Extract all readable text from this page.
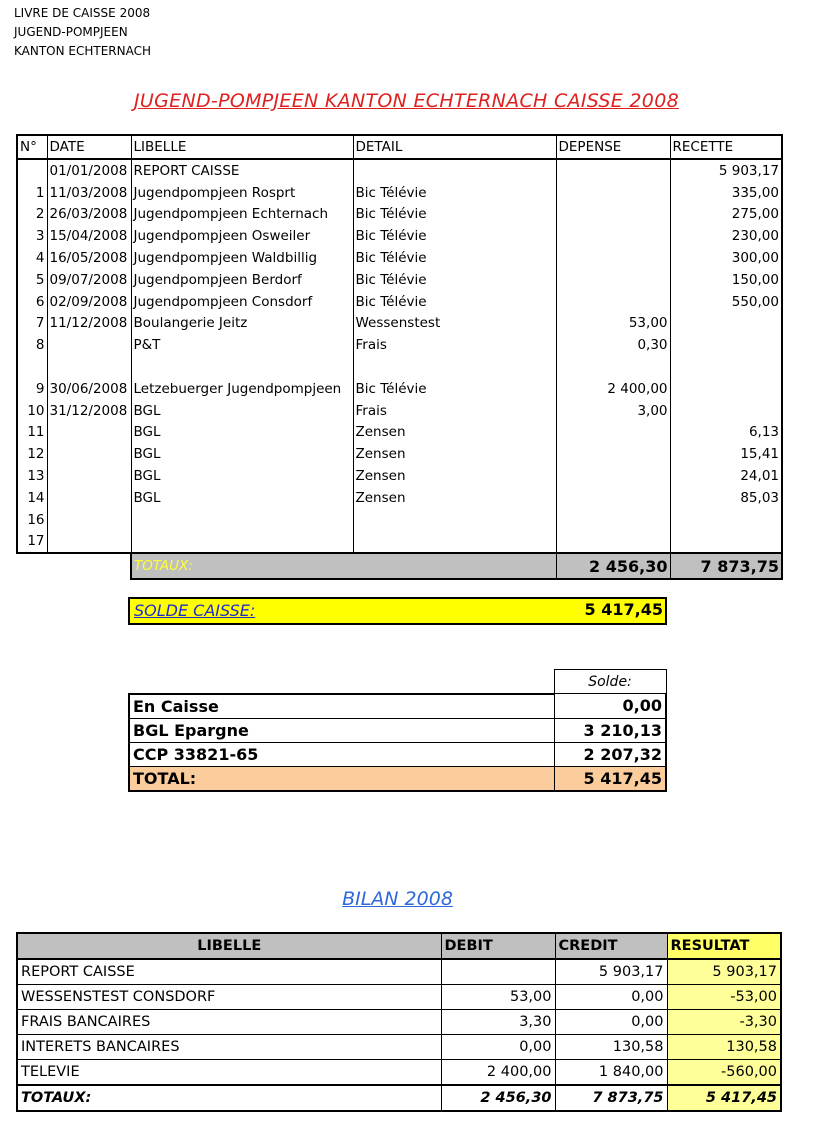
LIVRE DE CAISSE 2008
JUGEND-POMPJEEN
KANTON ECHTERNACH
JUGEND-POMPJEEN KANTON ECHTERNACH CAISSE 2008
N°	DATE	LIBELLE	DETAIL	DEPENSE	RECETTE
	01/01/2008	REPORT CAISSE			5 903,17
1	11/03/2008	Jugendpompjeen Rosprt	Bic Télévie		335,00
2	26/03/2008	Jugendpompjeen Echternach	Bic Télévie		275,00
3	15/04/2008	Jugendpompjeen Osweiler	Bic Télévie		230,00
4	16/05/2008	Jugendpompjeen Waldbillig	Bic Télévie		300,00
5	09/07/2008	Jugendpompjeen Berdorf	Bic Télévie		150,00
6	02/09/2008	Jugendpompjeen Consdorf	Bic Télévie		550,00
7	11/12/2008	Boulangerie Jeitz	Wessenstest	53,00	
8		P&T	Frais	0,30	

9	30/06/2008	Letzebuerger Jugendpompjeen	Bic Télévie	2 400,00	
10	31/12/2008	BGL	Frais	3,00	
11		BGL	Zensen		6,13
12		BGL	Zensen		15,41
13		BGL	Zensen		24,01
14		BGL	Zensen		85,03
16					
17					
		TOTAUX:		2 456,30	7 873,75
SOLDE CAISSE:	5 417,45
	Solde:
En Caisse	0,00
BGL Epargne	3 210,13
CCP 33821-65	2 207,32
TOTAL:	5 417,45
BILAN 2008
LIBELLE	DEBIT	CREDIT	RESULTAT
REPORT CAISSE		5 903,17	5 903,17
WESSENSTEST CONSDORF	53,00	0,00	-53,00
FRAIS BANCAIRES	3,30	0,00	-3,30
INTERETS BANCAIRES	0,00	130,58	130,58
TELEVIE	2 400,00	1 840,00	-560,00
TOTAUX:	2 456,30	7 873,75	5 417,45
